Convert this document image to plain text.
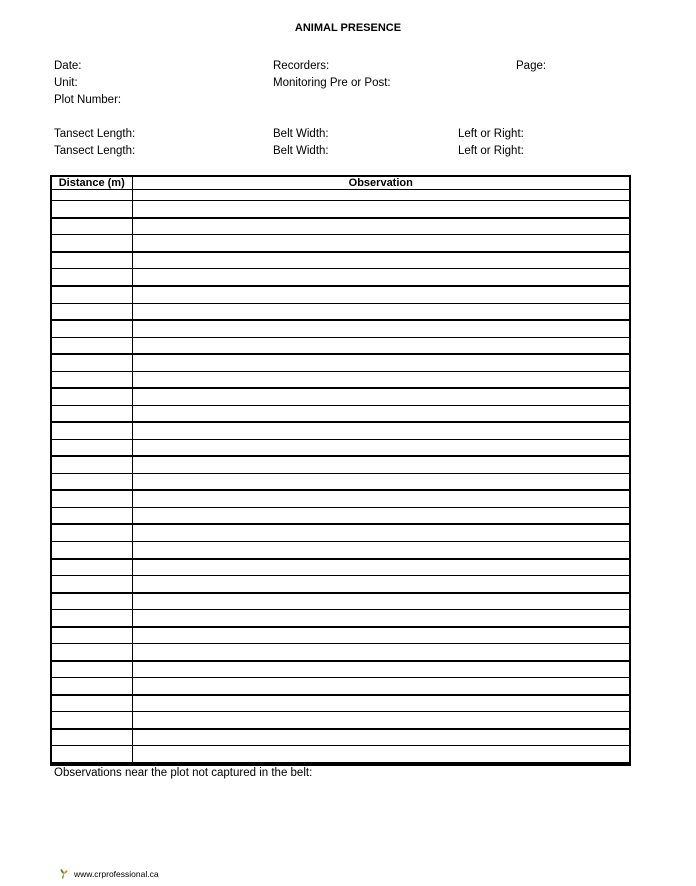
ANIMAL PRESENCE
Date:	Recorders:	Page:
Unit:	Monitoring Pre or Post:
Plot Number:
Tansect Length:	Belt Width:	Left or Right:
Tansect Length:	Belt Width:	Left or Right:
Distance (m)	Observation

Observations near the plot not captured in the belt:
www.crprofessional.ca
